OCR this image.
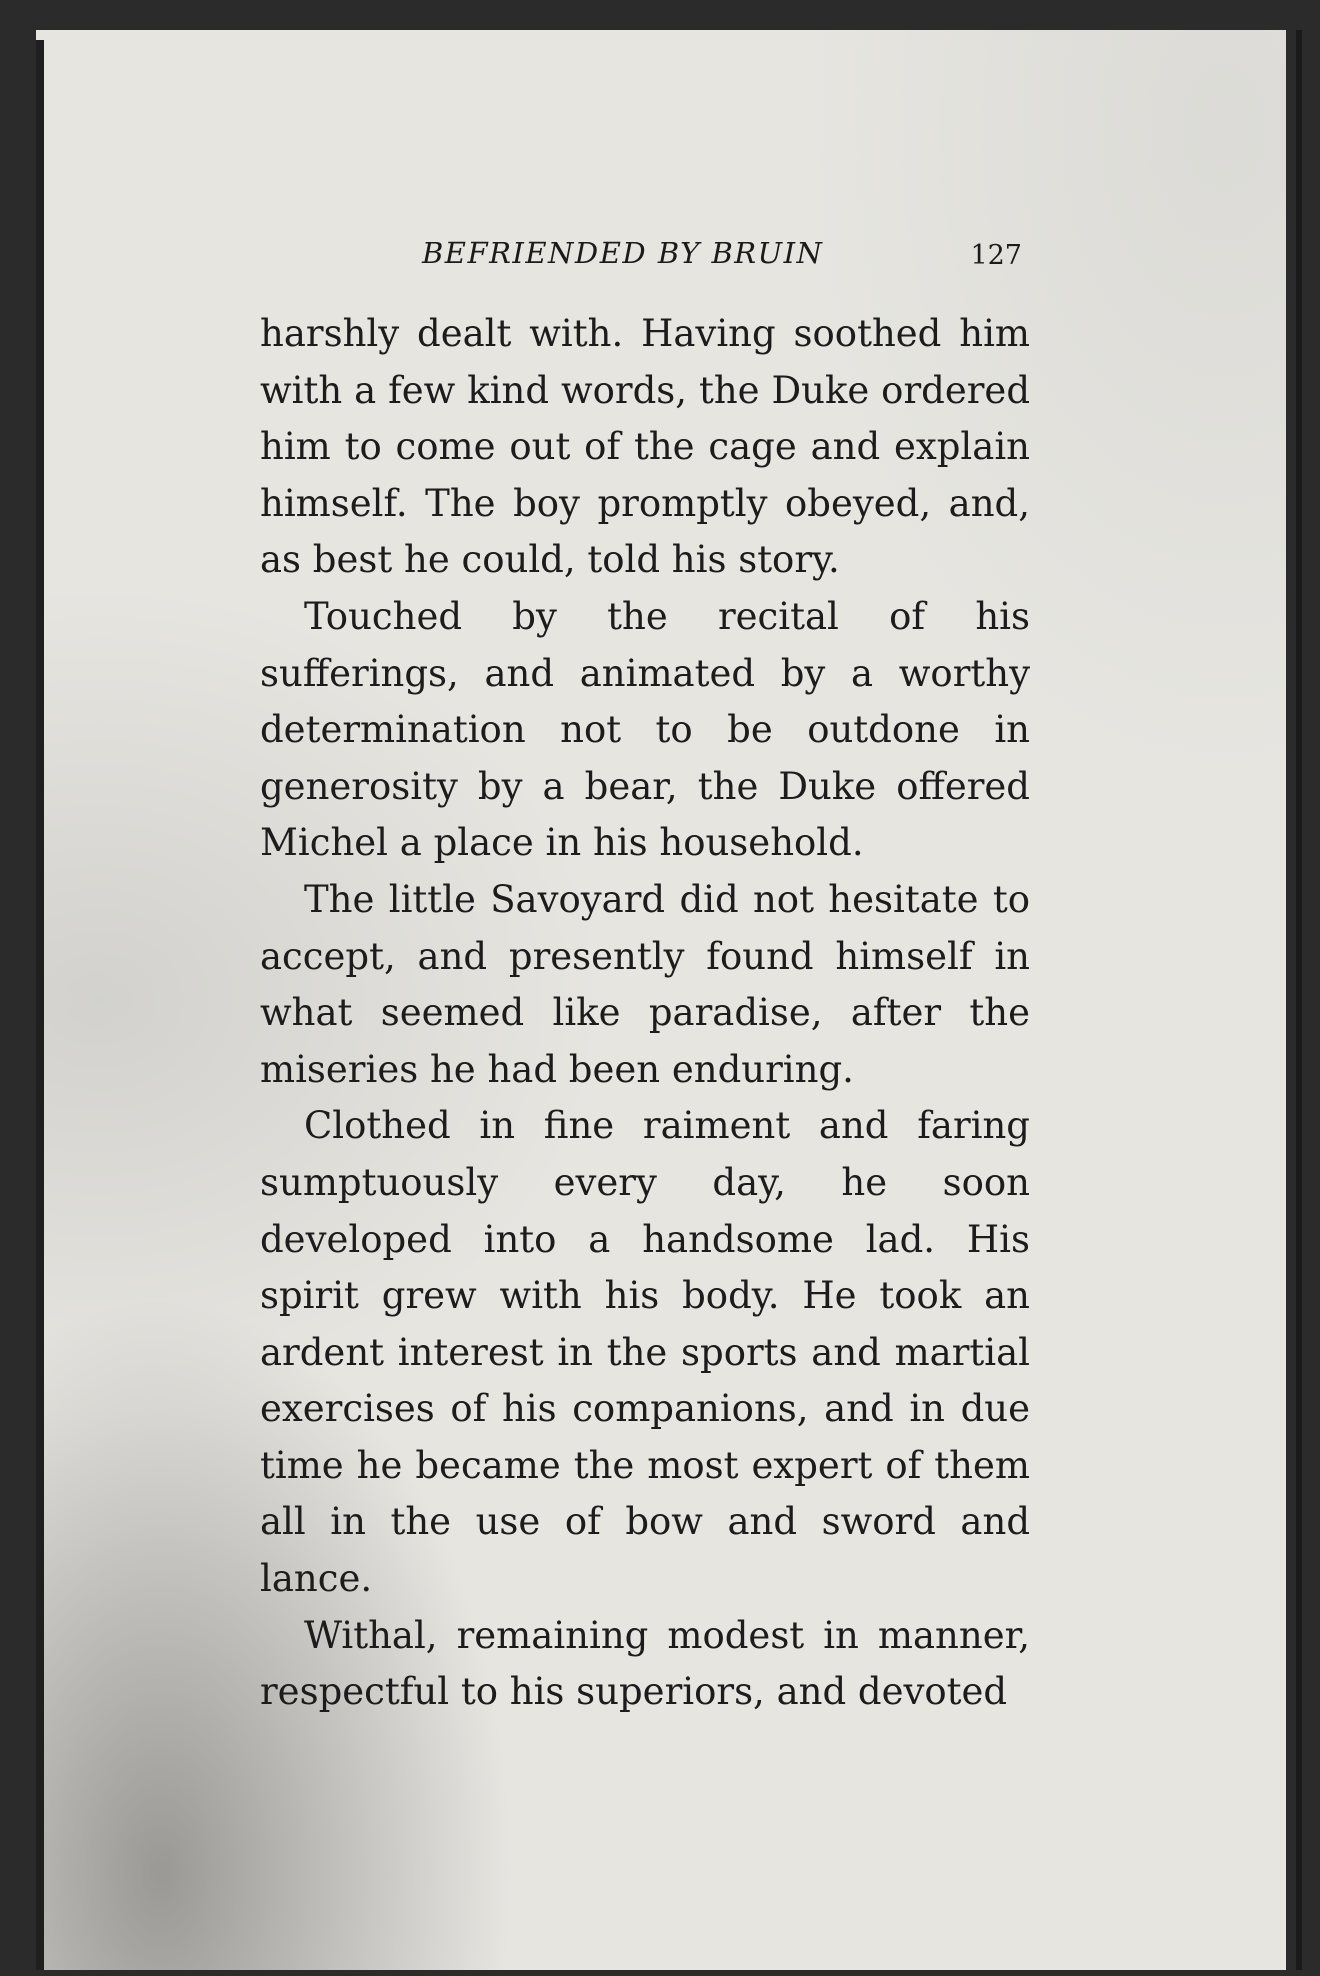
BEFRIENDED BY BRUIN	127

harshly dealt with. Having soothed him with a few kind words, the Duke ordered him to come out of the cage and explain himself. The boy promptly obeyed, and, as best he could, told his story.

Touched by the recital of his sufferings, and animated by a worthy determination not to be outdone in generosity by a bear, the Duke offered Michel a place in his household.

The little Savoyard did not hesitate to accept, and presently found himself in what seemed like paradise, after the miseries he had been enduring.

Clothed in fine raiment and faring sumptuously every day, he soon developed into a handsome lad. His spirit grew with his body. He took an ardent interest in the sports and martial exercises of his companions, and in due time he became the most expert of them all in the use of bow and sword and lance.

Withal, remaining modest in manner, respectful to his superiors, and devoted
